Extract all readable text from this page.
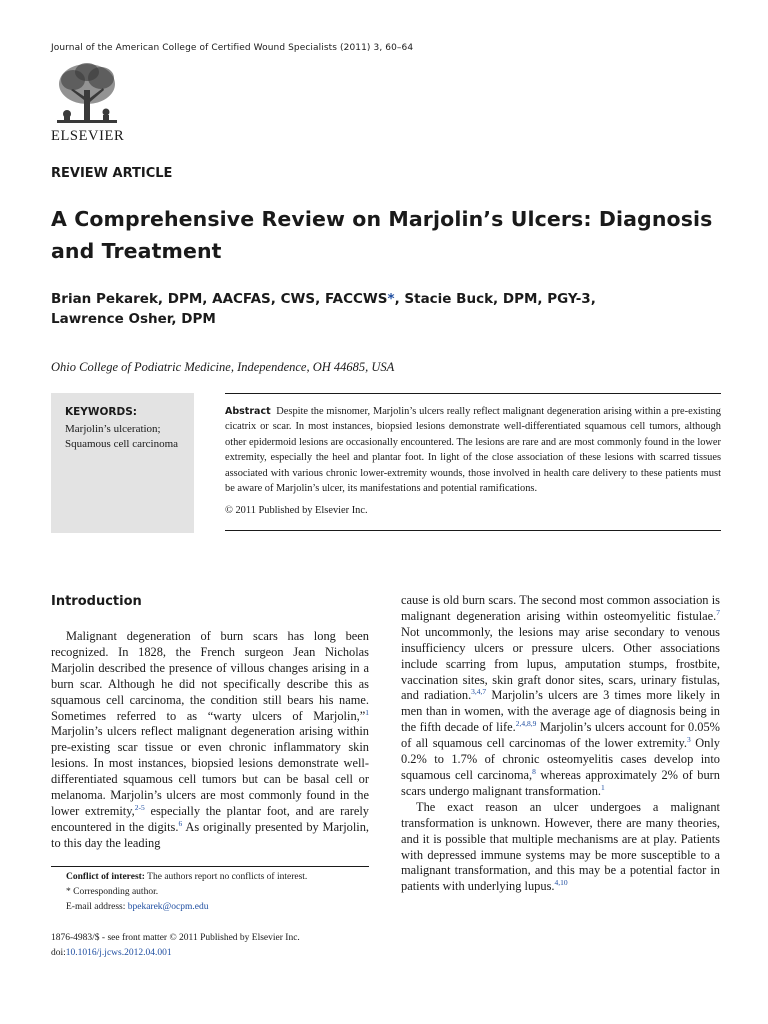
Journal of the American College of Certified Wound Specialists (2011) 3, 60–64
ELSEVIER
REVIEW ARTICLE
A Comprehensive Review on Marjolin’s Ulcers: Diagnosis
and Treatment
Brian Pekarek, DPM, AACFAS, CWS, FACCWS*, Stacie Buck, DPM, PGY-3,
Lawrence Osher, DPM
Ohio College of Podiatric Medicine, Independence, OH 44685, USA
KEYWORDS:
Marjolin’s ulceration;
Squamous cell carcinoma
Abstract Despite the misnomer, Marjolin’s ulcers really reflect malignant degeneration arising within a pre-existing cicatrix or scar. In most instances, biopsied lesions demonstrate well-differentiated squamous cell tumors, although other epidermoid lesions are occasionally encountered. The lesions are rare and are most commonly found in the lower extremity, especially the heel and plantar foot. In light of the close association of these lesions with scarred tissues associated with various chronic lower-extremity wounds, those involved in health care delivery to these patients must be aware of Marjolin’s ulcer, its manifestations and potential ramifications.
© 2011 Published by Elsevier Inc.
Introduction

Malignant degeneration of burn scars has long been recognized. In 1828, the French surgeon Jean Nicholas Marjolin described the presence of villous changes arising in a burn scar. Although he did not specifically describe this as squamous cell carcinoma, the condition still bears his name. Sometimes referred to as “warty ulcers of Marjolin,”$^1$ Marjolin’s ulcers reflect malignant degeneration arising within pre-existing scar tissue or even chronic inflammatory skin lesions. In most instances, biopsied lesions demonstrate well-differentiated squamous cell tumors but can be basal cell or melanoma. Marjolin’s ulcers are most commonly found in the lower extremity,$^{2-5}$ especially the plantar foot, and are rarely encountered in the digits.$^6$ As originally presented by Marjolin, to this day the leading

cause is old burn scars. The second most common association is malignant degeneration arising within osteomyelitic fistulae.$^7$ Not uncommonly, the lesions may arise secondary to venous insufficiency ulcers or pressure ulcers. Other associations include scarring from lupus, amputation stumps, frostbite, vaccination sites, skin graft donor sites, scars, urinary fistulas, and radiation.$^{3,4,7}$ Marjolin’s ulcers are 3 times more likely in men than in women, with the average age of diagnosis being in the fifth decade of life.$^{2,4,8,9}$ Marjolin’s ulcers account for 0.05% of all squamous cell carcinomas of the lower extremity.$^3$ Only 0.2% to 1.7% of chronic osteomyelitis cases develop into squamous cell carcinoma,$^8$ whereas approximately 2% of burn scars undergo malignant transformation.$^1$

The exact reason an ulcer undergoes a malignant transformation is unknown. However, there are many theories, and it is possible that multiple mechanisms are at play. Patients with depressed immune systems may be more susceptible to a malignant transformation, and this may be a potential factor in patients with underlying lupus.$^{4,10}$

Conflict of interest: The authors report no conflicts of interest.
* Corresponding author.
E-mail address: bpekarek@ocpm.edu
1876-4983/$ - see front matter © 2011 Published by Elsevier Inc.
doi:10.1016/j.jcws.2012.04.001
